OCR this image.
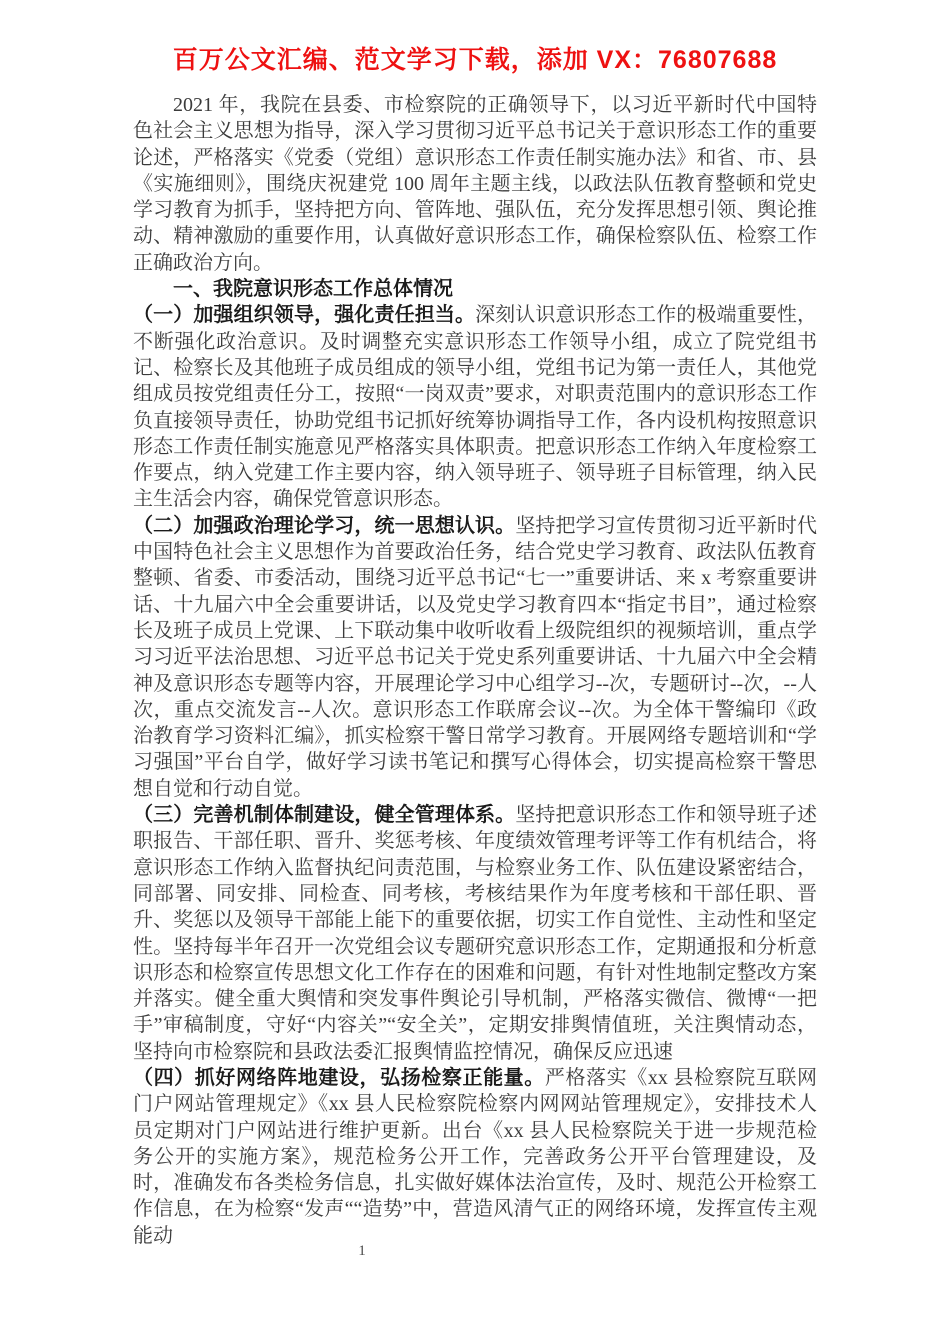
百万公文汇编、范文学习下载，添加 VX：76807688

2021 年，我院在县委、市检察院的正确领导下，以习近平新时代中国特色社会主义思想为指导，深入学习贯彻习近平总书记关于意识形态工作的重要论述，严格落实《党委（党组）意识形态工作责任制实施办法》和省、市、县《实施细则》，围绕庆祝建党 100 周年主题主线，以政法队伍教育整顿和党史学习教育为抓手，坚持把方向、管阵地、强队伍，充分发挥思想引领、舆论推动、精神激励的重要作用，认真做好意识形态工作，确保检察队伍、检察工作正确政治方向。

一、我院意识形态工作总体情况

（一）加强组织领导，强化责任担当。深刻认识意识形态工作的极端重要性，不断强化政治意识。及时调整充实意识形态工作领导小组，成立了院党组书记、检察长及其他班子成员组成的领导小组，党组书记为第一责任人，其他党组成员按党组责任分工，按照“一岗双责”要求，对职责范围内的意识形态工作负直接领导责任，协助党组书记抓好统筹协调指导工作，各内设机构按照意识形态工作责任制实施意见严格落实具体职责。把意识形态工作纳入年度检察工作要点，纳入党建工作主要内容，纳入领导班子、领导班子目标管理，纳入民主生活会内容，确保党管意识形态。

（二）加强政治理论学习，统一思想认识。坚持把学习宣传贯彻习近平新时代中国特色社会主义思想作为首要政治任务，结合党史学习教育、政法队伍教育整顿、省委、市委活动，围绕习近平总书记“七一”重要讲话、来 x 考察重要讲话、十九届六中全会重要讲话，以及党史学习教育四本“指定书目”，通过检察长及班子成员上党课、上下联动集中收听收看上级院组织的视频培训，重点学习习近平法治思想、习近平总书记关于党史系列重要讲话、十九届六中全会精神及意识形态专题等内容，开展理论学习中心组学习--次，专题研讨--次，--人次，重点交流发言--人次。意识形态工作联席会议--次。为全体干警编印《政治教育学习资料汇编》，抓实检察干警日常学习教育。开展网络专题培训和“学习强国”平台自学，做好学习读书笔记和撰写心得体会，切实提高检察干警思想自觉和行动自觉。

（三）完善机制体制建设，健全管理体系。坚持把意识形态工作和领导班子述职报告、干部任职、晋升、奖惩考核、年度绩效管理考评等工作有机结合，将意识形态工作纳入监督执纪问责范围，与检察业务工作、队伍建设紧密结合，同部署、同安排、同检查、同考核，考核结果作为年度考核和干部任职、晋升、奖惩以及领导干部能上能下的重要依据，切实工作自觉性、主动性和坚定性。坚持每半年召开一次党组会议专题研究意识形态工作，定期通报和分析意识形态和检察宣传思想文化工作存在的困难和问题，有针对性地制定整改方案并落实。健全重大舆情和突发事件舆论引导机制，严格落实微信、微博“一把手”审稿制度，守好“内容关”“安全关”，定期安排舆情值班，关注舆情动态，坚持向市检察院和县政法委汇报舆情监控情况，确保反应迅速

（四）抓好网络阵地建设，弘扬检察正能量。严格落实《xx 县检察院互联网门户网站管理规定》《xx 县人民检察院检察内网网站管理规定》，安排技术人员定期对门户网站进行维护更新。出台《xx 县人民检察院关于进一步规范检务公开的实施方案》，规范检务公开工作，完善政务公开平台管理建设，及时，准确发布各类检务信息，扎实做好媒体法治宣传，及时、规范公开检察工作信息，在为检察“发声““造势”中，营造风清气正的网络环境，发挥宣传主观能动

1
